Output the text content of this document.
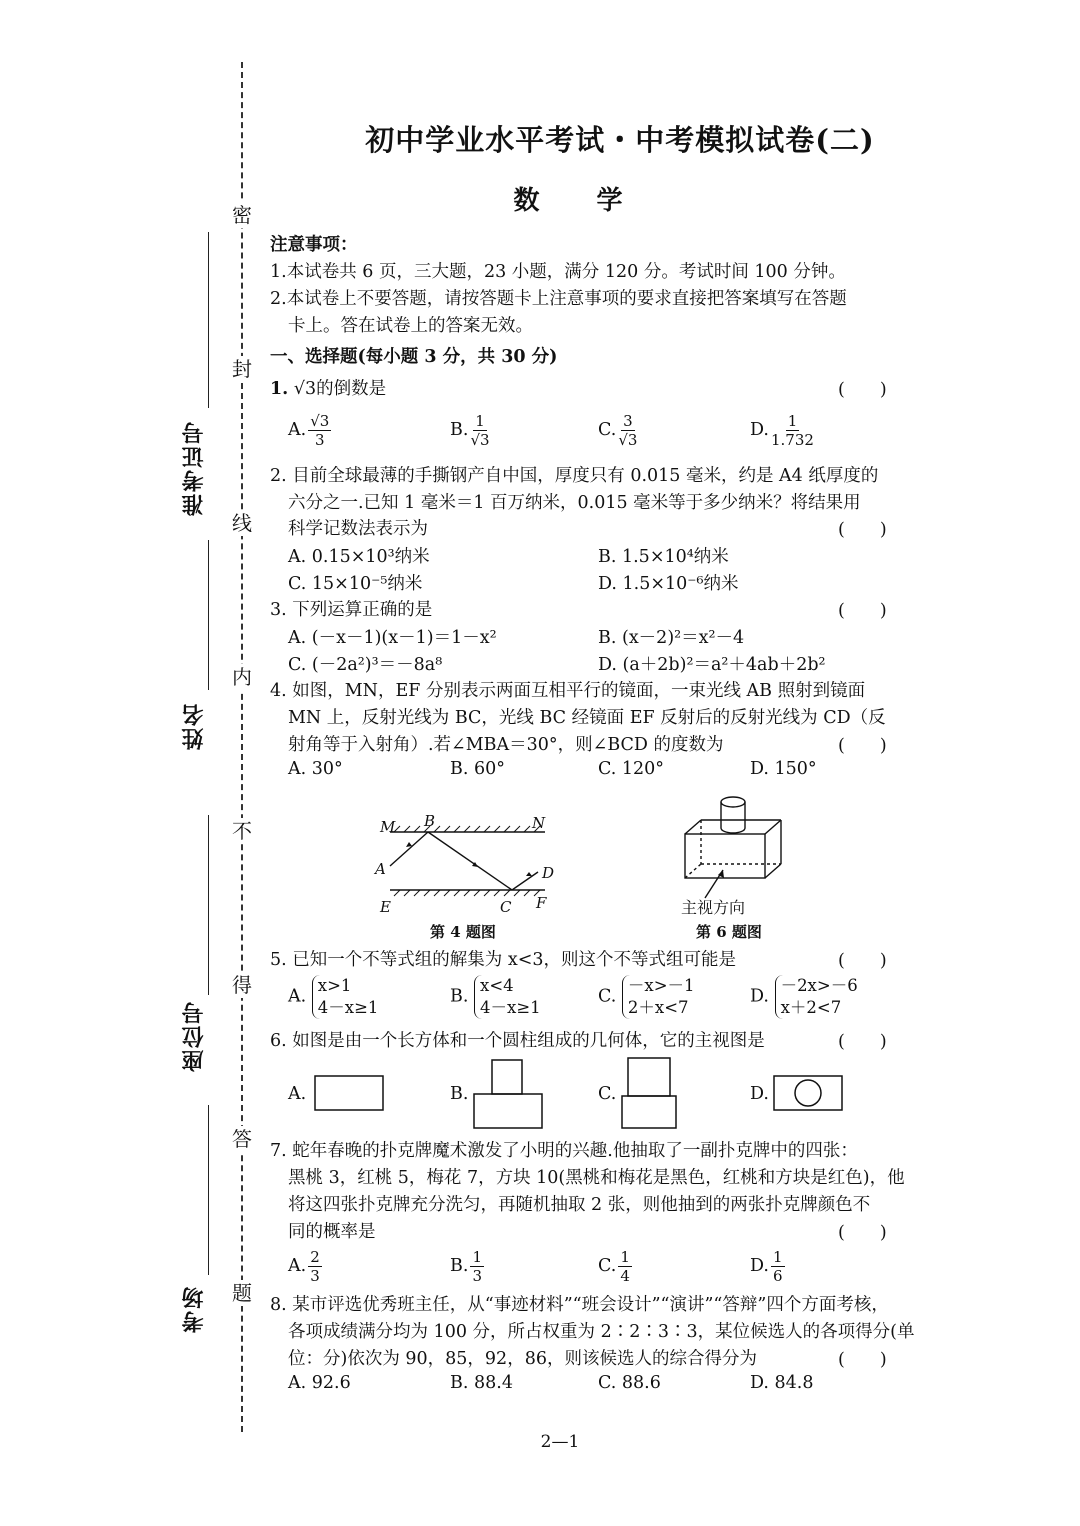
密
封
线
内
不
得
答
题
准考证号
姓名
座位号
考场
初中学业水平考试・中考模拟试卷(二)
数 学
注意事项：
1.本试卷共 6 页，三大题，23 小题，满分 120 分。考试时间 100 分钟。
2.本试卷上不要答题，请按答题卡上注意事项的要求直接把答案填写在答题
卡上。答在试卷上的答案无效。
一、选择题(每小题 3 分，共 30 分)
1. √3的倒数是	(　　)
A. $\frac{√3}{3}$	B. $\frac{1}{√3}$	C. $\frac{3}{√3}$	D. $\frac{1}{1.732}$
2. 目前全球最薄的手撕钢产自中国，厚度只有 0.015 毫米，约是 A4 纸厚度的
六分之一.已知 1 毫米＝1 百万纳米，0.015 毫米等于多少纳米？将结果用
科学记数法表示为	(　　)
A. 0.15×10³纳米	B. 1.5×10⁴纳米
C. 15×10⁻⁵纳米	D. 1.5×10⁻⁶纳米
3. 下列运算正确的是	(　　)
A. (－x－1)(x－1)＝1－x²	B. (x－2)²＝x²－4
C. (－2a²)³＝－8a⁸	D. (a＋2b)²＝a²＋4ab＋2b²
4. 如图，MN，EF 分别表示两面互相平行的镜面，一束光线 AB 照射到镜面
MN 上，反射光线为 BC，光线 BC 经镜面 EF 反射后的反射光线为 CD（反
射角等于入射角）.若∠MBA＝30°，则∠BCD 的度数为	(　　)
A. 30°	B. 60°	C. 120°	D. 150°
M B	N
A	D
E	C F
第 4 题图
主视方向
第 6 题图
5. 已知一个不等式组的解集为 x<3，则这个不等式组可能是	(　　)
A.
x>1
4－x≥1
B.
x<4
4－x≥1
C.
－x>－1
2＋x<7
D.
－2x>－6
x＋2<7
6. 如图是由一个长方体和一个圆柱组成的几何体，它的主视图是	(　　)
A.	B.	C.	D.
7. 蛇年春晚的扑克牌魔术激发了小明的兴趣.他抽取了一副扑克牌中的四张：
黑桃 3，红桃 5，梅花 7，方块 10(黑桃和梅花是黑色，红桃和方块是红色)，他
将这四张扑克牌充分洗匀，再随机抽取 2 张，则他抽到的两张扑克牌颜色不
同的概率是	(　　)
A. $\frac{2}{3}$	B. $\frac{1}{3}$	C. $\frac{1}{4}$	D. $\frac{1}{6}$
8. 某市评选优秀班主任，从“事迹材料”“班会设计”“演讲”“答辩”四个方面考核，
各项成绩满分均为 100 分，所占权重为 2∶2∶3∶3，某位候选人的各项得分(单
位：分)依次为 90，85，92，86，则该候选人的综合得分为	(　　)
A. 92.6	B. 88.4	C. 88.6	D. 84.8
2—1
